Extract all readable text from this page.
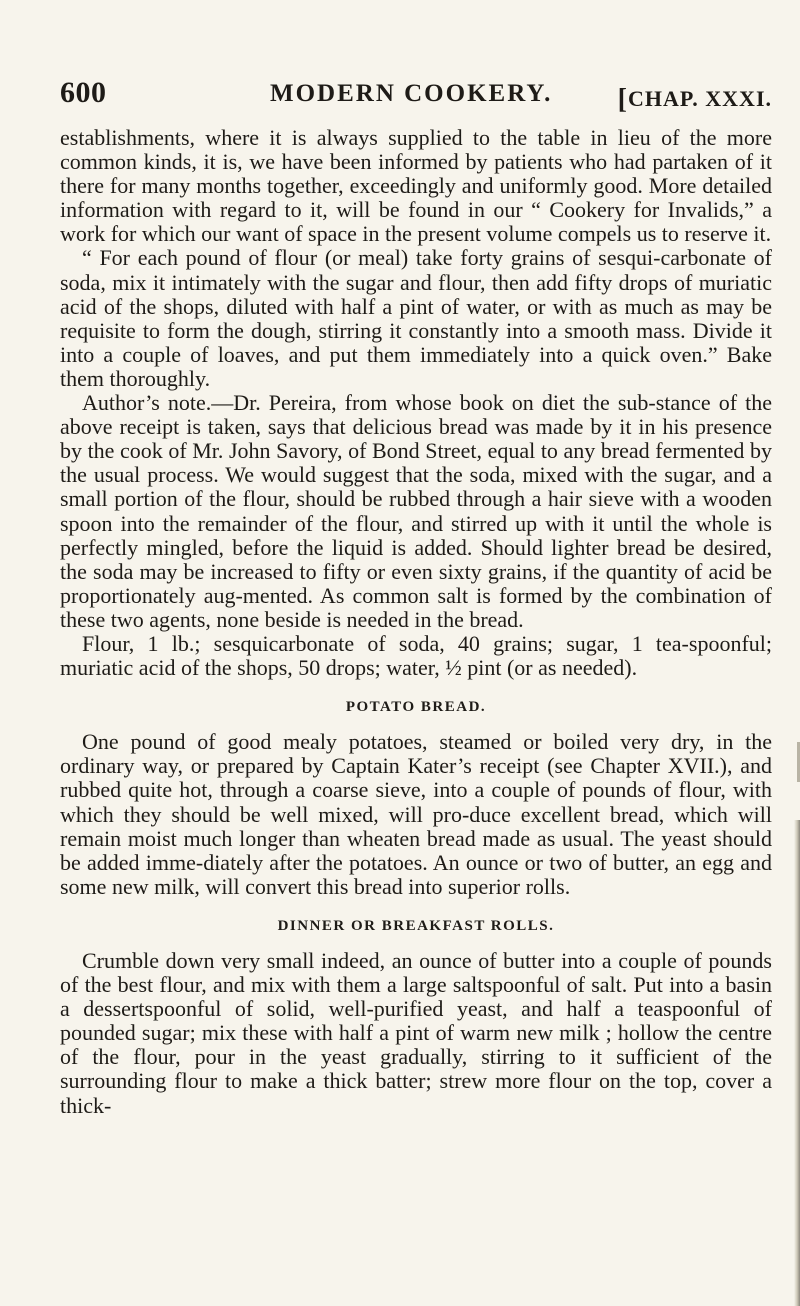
600	MODERN COOKERY. [CHAP. XXXI.

establishments, where it is always supplied to the table in lieu of the more common kinds, it is, we have been informed by patients who had partaken of it there for many months together, exceedingly and uniformly good. More detailed information with regard to it, will be found in our “ Cookery for Invalids,” a work for which our want of space in the present volume compels us to reserve it.

“ For each pound of flour (or meal) take forty grains of sesqui-carbonate of soda, mix it intimately with the sugar and flour, then add fifty drops of muriatic acid of the shops, diluted with half a pint of water, or with as much as may be requisite to form the dough, stirring it constantly into a smooth mass. Divide it into a couple of loaves, and put them immediately into a quick oven.” Bake them thoroughly.

Author’s note.—Dr. Pereira, from whose book on diet the sub-stance of the above receipt is taken, says that delicious bread was made by it in his presence by the cook of Mr. John Savory, of Bond Street, equal to any bread fermented by the usual process. We would suggest that the soda, mixed with the sugar, and a small portion of the flour, should be rubbed through a hair sieve with a wooden spoon into the remainder of the flour, and stirred up with it until the whole is perfectly mingled, before the liquid is added. Should lighter bread be desired, the soda may be increased to fifty or even sixty grains, if the quantity of acid be proportionately aug-mented. As common salt is formed by the combination of these two agents, none beside is needed in the bread.

Flour, 1 lb.; sesquicarbonate of soda, 40 grains; sugar, 1 tea-spoonful; muriatic acid of the shops, 50 drops; water, ½ pint (or as needed).

POTATO BREAD.

One pound of good mealy potatoes, steamed or boiled very dry, in the ordinary way, or prepared by Captain Kater’s receipt (see Chapter XVII.), and rubbed quite hot, through a coarse sieve, into a couple of pounds of flour, with which they should be well mixed, will pro-duce excellent bread, which will remain moist much longer than wheaten bread made as usual. The yeast should be added imme-diately after the potatoes. An ounce or two of butter, an egg and some new milk, will convert this bread into superior rolls.

DINNER OR BREAKFAST ROLLS.

Crumble down very small indeed, an ounce of butter into a couple of pounds of the best flour, and mix with them a large saltspoonful of salt. Put into a basin a dessertspoonful of solid, well-purified yeast, and half a teaspoonful of pounded sugar; mix these with half a pint of warm new milk ; hollow the centre of the flour, pour in the yeast gradually, stirring to it sufficient of the surrounding flour to make a thick batter; strew more flour on the top, cover a thick-
